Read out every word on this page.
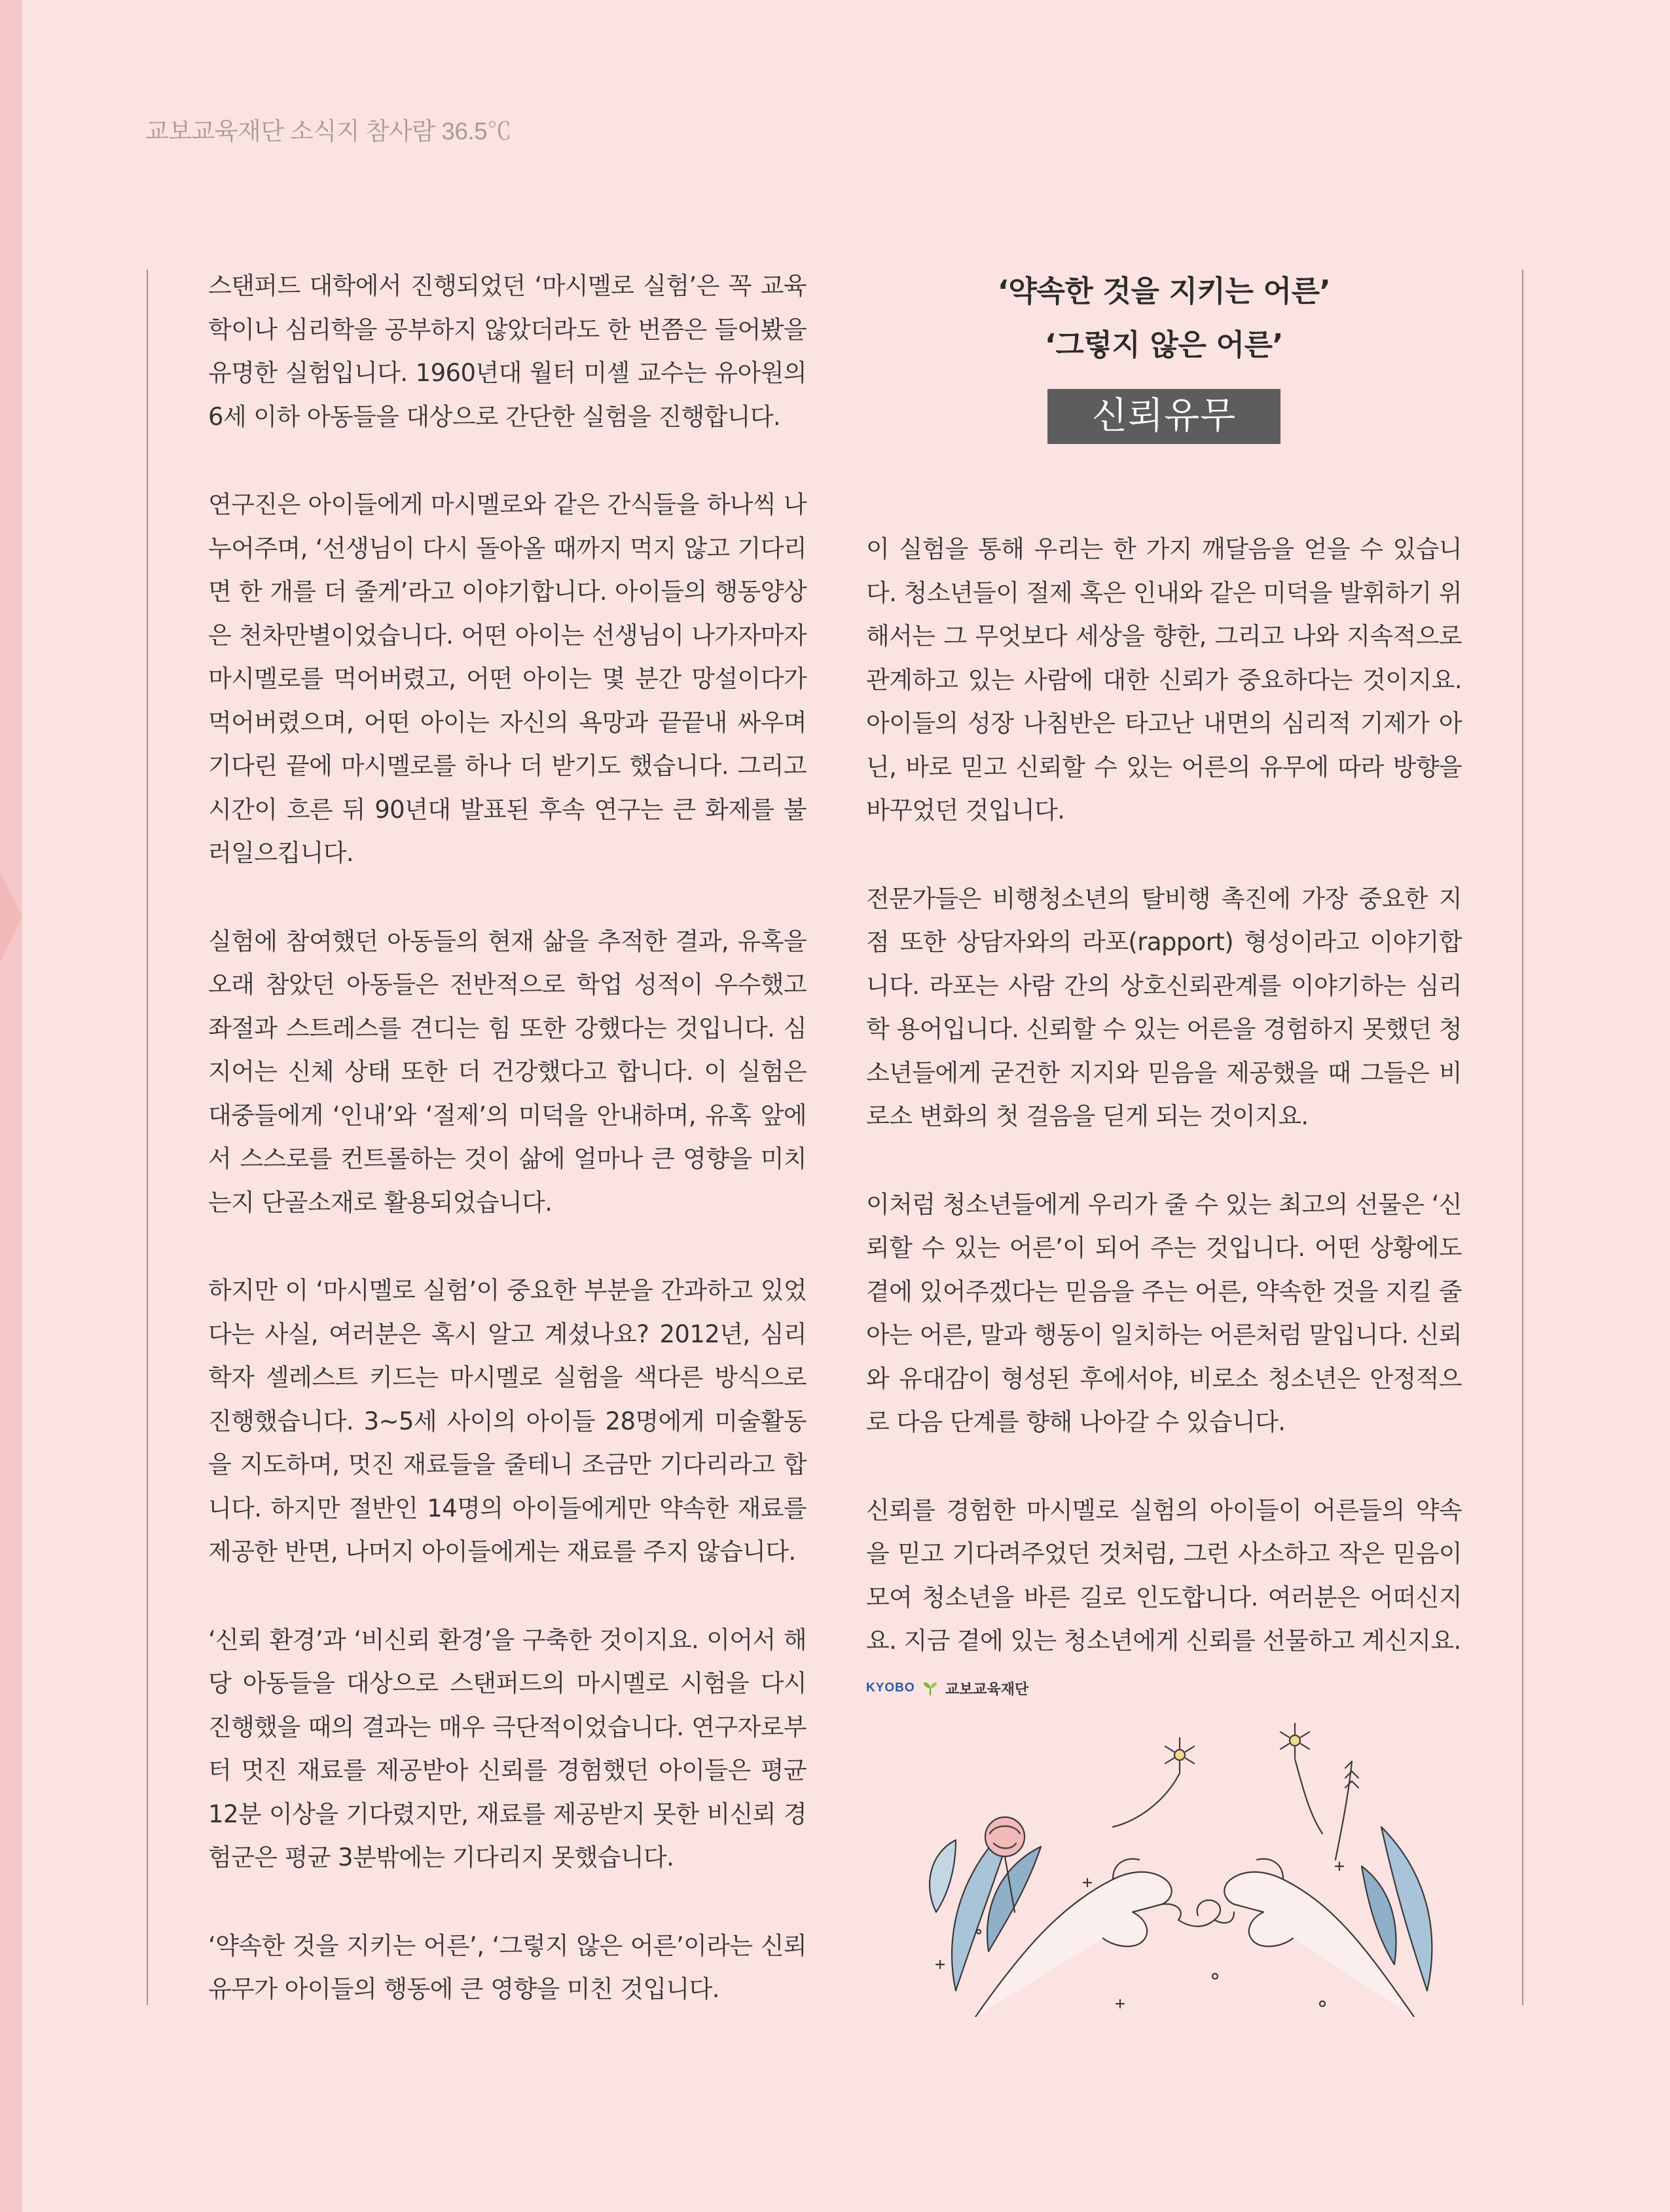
교보교육재단 소식지 참사람 36.5℃

스탠퍼드 대학에서 진행되었던 ‘마시멜로 실험’은 꼭 교육학이나 심리학을 공부하지 않았더라도 한 번쯤은 들어봤을 유명한 실험입니다. 1960년대 월터 미셸 교수는 유아원의 6세 이하 아동들을 대상으로 간단한 실험을 진행합니다.

연구진은 아이들에게 마시멜로와 같은 간식들을 하나씩 나누어주며, ‘선생님이 다시 돌아올 때까지 먹지 않고 기다리면 한 개를 더 줄게’라고 이야기합니다. 아이들의 행동양상은 천차만별이었습니다. 어떤 아이는 선생님이 나가자마자 마시멜로를 먹어버렸고, 어떤 아이는 몇 분간 망설이다가 먹어버렸으며, 어떤 아이는 자신의 욕망과 끝끝내 싸우며 기다린 끝에 마시멜로를 하나 더 받기도 했습니다. 그리고 시간이 흐른 뒤 90년대 발표된 후속 연구는 큰 화제를 불러일으킵니다.

실험에 참여했던 아동들의 현재 삶을 추적한 결과, 유혹을 오래 참았던 아동들은 전반적으로 학업 성적이 우수했고 좌절과 스트레스를 견디는 힘 또한 강했다는 것입니다. 심지어는 신체 상태 또한 더 건강했다고 합니다. 이 실험은 대중들에게 ‘인내’와 ‘절제’의 미덕을 안내하며, 유혹 앞에서 스스로를 컨트롤하는 것이 삶에 얼마나 큰 영향을 미치는지 단골소재로 활용되었습니다.

하지만 이 ‘마시멜로 실험’이 중요한 부분을 간과하고 있었다는 사실, 여러분은 혹시 알고 계셨나요? 2012년, 심리학자 셀레스트 키드는 마시멜로 실험을 색다른 방식으로 진행했습니다. 3~5세 사이의 아이들 28명에게 미술활동을 지도하며, 멋진 재료들을 줄테니 조금만 기다리라고 합니다. 하지만 절반인 14명의 아이들에게만 약속한 재료를 제공한 반면, 나머지 아이들에게는 재료를 주지 않습니다.

‘신뢰 환경’과 ‘비신뢰 환경’을 구축한 것이지요. 이어서 해당 아동들을 대상으로 스탠퍼드의 마시멜로 시험을 다시 진행했을 때의 결과는 매우 극단적이었습니다. 연구자로부터 멋진 재료를 제공받아 신뢰를 경험했던 아이들은 평균 12분 이상을 기다렸지만, 재료를 제공받지 못한 비신뢰 경험군은 평균 3분밖에는 기다리지 못했습니다.

‘약속한 것을 지키는 어른’, ‘그렇지 않은 어른’이라는 신뢰 유무가 아이들의 행동에 큰 영향을 미친 것입니다.

‘약속한 것을 지키는 어른’
‘그렇지 않은 어른’
신뢰유무

이 실험을 통해 우리는 한 가지 깨달음을 얻을 수 있습니다. 청소년들이 절제 혹은 인내와 같은 미덕을 발휘하기 위해서는 그 무엇보다 세상을 향한, 그리고 나와 지속적으로 관계하고 있는 사람에 대한 신뢰가 중요하다는 것이지요. 아이들의 성장 나침반은 타고난 내면의 심리적 기제가 아닌, 바로 믿고 신뢰할 수 있는 어른의 유무에 따라 방향을 바꾸었던 것입니다.

전문가들은 비행청소년의 탈비행 촉진에 가장 중요한 지점 또한 상담자와의 라포(rapport) 형성이라고 이야기합니다. 라포는 사람 간의 상호신뢰관계를 이야기하는 심리학 용어입니다. 신뢰할 수 있는 어른을 경험하지 못했던 청소년들에게 굳건한 지지와 믿음을 제공했을 때 그들은 비로소 변화의 첫 걸음을 딛게 되는 것이지요.

이처럼 청소년들에게 우리가 줄 수 있는 최고의 선물은 ‘신뢰할 수 있는 어른’이 되어 주는 것입니다. 어떤 상황에도 곁에 있어주겠다는 믿음을 주는 어른, 약속한 것을 지킬 줄 아는 어른, 말과 행동이 일치하는 어른처럼 말입니다. 신뢰와 유대감이 형성된 후에서야, 비로소 청소년은 안정적으로 다음 단계를 향해 나아갈 수 있습니다.

신뢰를 경험한 마시멜로 실험의 아이들이 어른들의 약속을 믿고 기다려주었던 것처럼, 그런 사소하고 작은 믿음이 모여 청소년을 바른 길로 인도합니다. 여러분은 어떠신지요. 지금 곁에 있는 청소년에게 신뢰를 선물하고 계신지요.

KYOBO 교보교육재단
